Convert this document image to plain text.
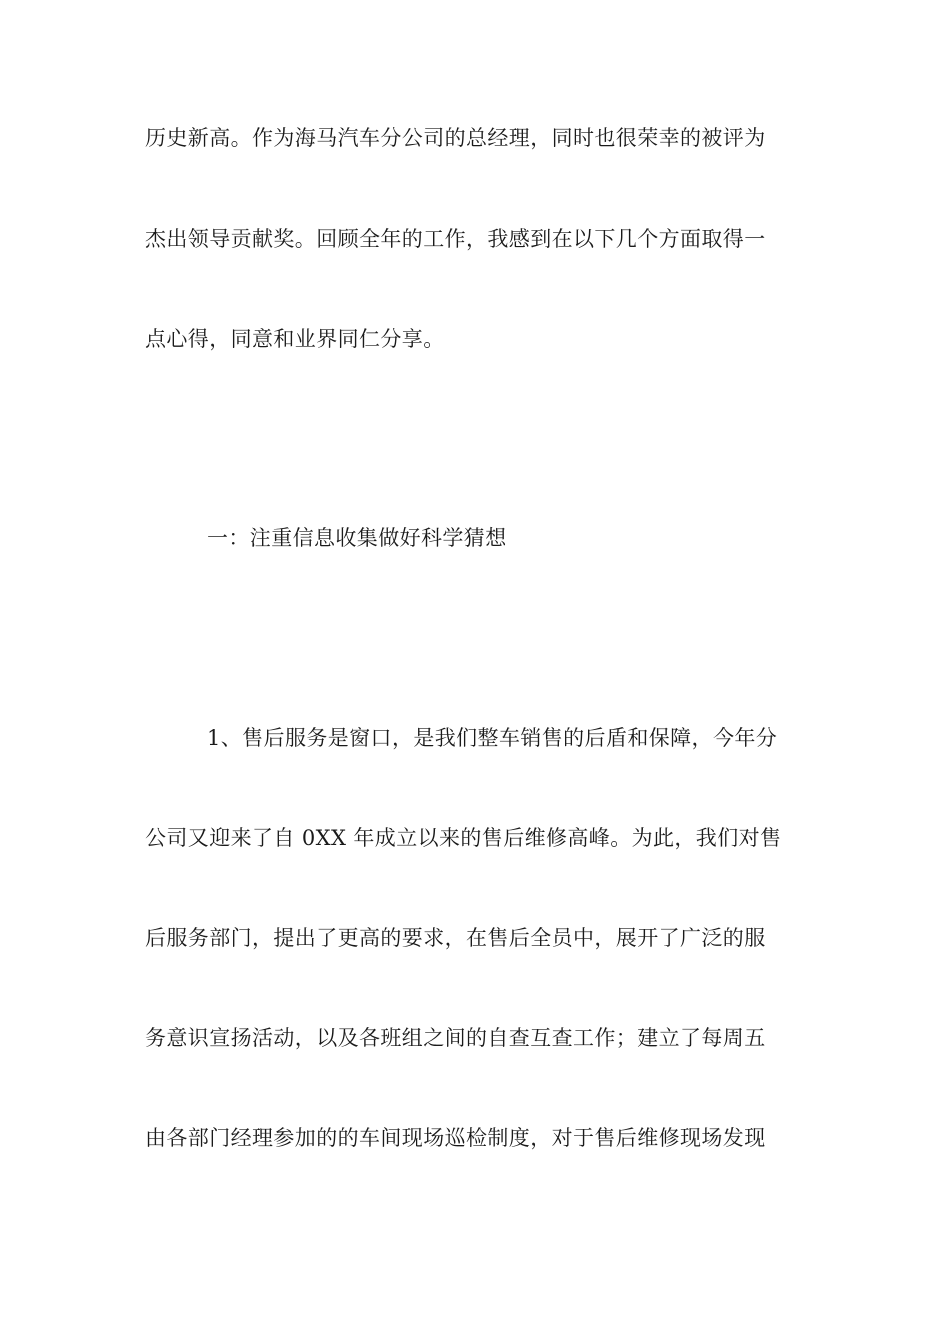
历史新高。作为海马汽车分公司的总经理，同时也很荣幸的被评为
杰出领导贡献奖。回顾全年的工作，我感到在以下几个方面取得一
点心得，同意和业界同仁分享。
一：注重信息收集做好科学猜想
1、售后服务是窗口，是我们整车销售的后盾和保障，今年分
公司又迎来了自 0XX 年成立以来的售后维修高峰。为此，我们对售
后服务部门，提出了更高的要求，在售后全员中，展开了广泛的服
务意识宣扬活动，以及各班组之间的自查互查工作；建立了每周五
由各部门经理参加的的车间现场巡检制度，对于售后维修现场发现
